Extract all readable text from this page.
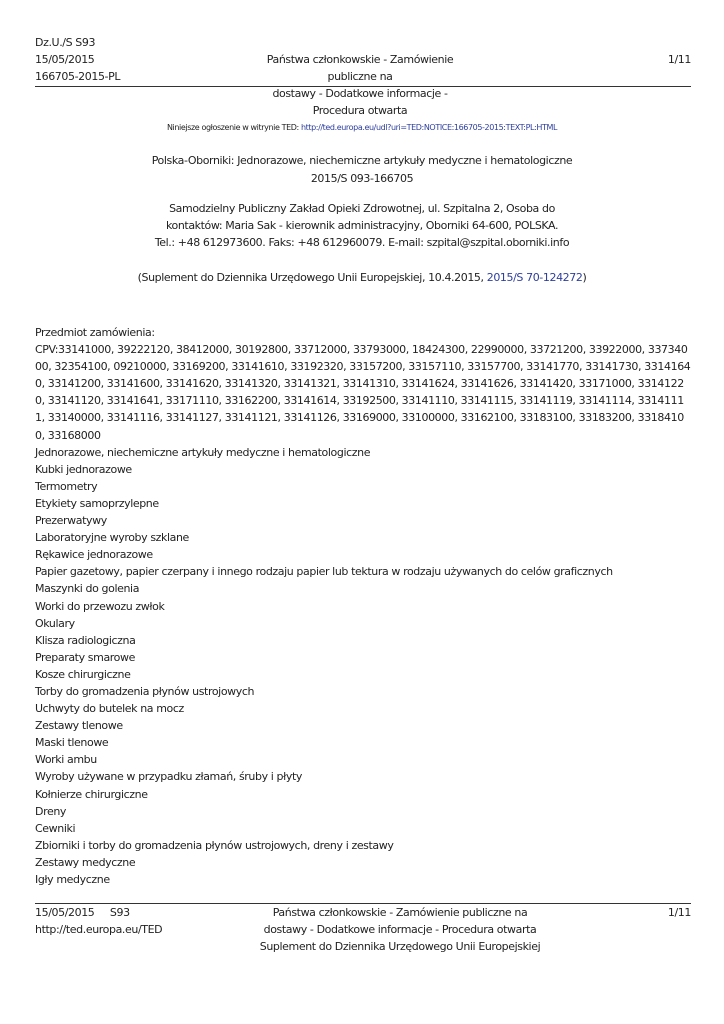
Dz.U./S S93
15/05/2015
166705-2015-PL
Państwa członkowskie - Zamówienie publiczne na
dostawy - Dodatkowe informacje - Procedura otwarta
1/11
Niniejsze ogłoszenie w witrynie TED: http://ted.europa.eu/udl?uri=TED:NOTICE:166705-2015:TEXT:PL:HTML
Polska-Oborniki: Jednorazowe, niechemiczne artykuły medyczne i hematologiczne
2015/S 093-166705
Samodzielny Publiczny Zakład Opieki Zdrowotnej, ul. Szpitalna 2, Osoba do
kontaktów: Maria Sak - kierownik administracyjny, Oborniki 64-600, POLSKA.
Tel.: +48 612973600. Faks: +48 612960079. E-mail: szpital@szpital.oborniki.info
(Suplement do Dziennika Urzędowego Unii Europejskiej, 10.4.2015, 2015/S 70-124272)
Przedmiot zamówienia:
CPV:33141000, 39222120, 38412000, 30192800, 33712000, 33793000, 18424300, 22990000, 33721200, 33922000, 33734000, 32354100, 09210000, 33169200, 33141610, 33192320, 33157200, 33157110, 33157700, 33141770, 33141730, 33141640, 33141200, 33141600, 33141620, 33141320, 33141321, 33141310, 33141624, 33141626, 33141420, 33171000, 33141220, 33141120, 33141641, 33171110, 33162200, 33141614, 33192500, 33141110, 33141115, 33141119, 33141114, 33141111, 33140000, 33141116, 33141127, 33141121, 33141126, 33169000, 33100000, 33162100, 33183100, 33183200, 33184100, 33168000
Jednorazowe, niechemiczne artykuły medyczne i hematologiczne
Kubki jednorazowe
Termometry
Etykiety samoprzylepne
Prezerwatywy
Laboratoryjne wyroby szklane
Rękawice jednorazowe
Papier gazetowy, papier czerpany i innego rodzaju papier lub tektura w rodzaju używanych do celów graficznych
Maszynki do golenia
Worki do przewozu zwłok
Okulary
Klisza radiologiczna
Preparaty smarowe
Kosze chirurgiczne
Torby do gromadzenia płynów ustrojowych
Uchwyty do butelek na mocz
Zestawy tlenowe
Maski tlenowe
Worki ambu
Wyroby używane w przypadku złamań, śruby i płyty
Kołnierze chirurgiczne
Dreny
Cewniki
Zbiorniki i torby do gromadzenia płynów ustrojowych, dreny i zestawy
Zestawy medyczne
Igły medyczne
15/05/2015 S93
http://ted.europa.eu/TED
Państwa członkowskie - Zamówienie publiczne na
dostawy - Dodatkowe informacje - Procedura otwarta
Suplement do Dziennika Urzędowego Unii Europejskiej
1/11
